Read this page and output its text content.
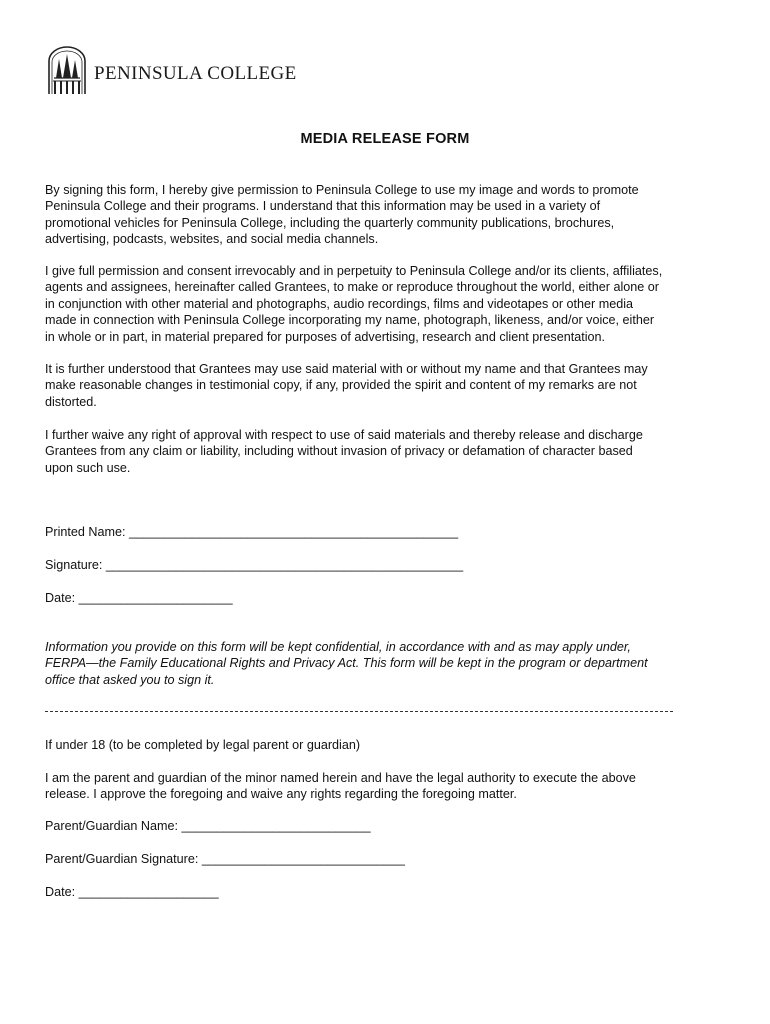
PENINSULA COLLEGE
MEDIA RELEASE FORM
By signing this form, I hereby give permission to Peninsula College to use my image and words to promote
Peninsula College and their programs. I understand that this information may be used in a variety of
promotional vehicles for Peninsula College, including the quarterly community publications, brochures,
advertising, podcasts, websites, and social media channels.
I give full permission and consent irrevocably and in perpetuity to Peninsula College and/or its clients, affiliates,
agents and assignees, hereinafter called Grantees, to make or reproduce throughout the world, either alone or
in conjunction with other material and photographs, audio recordings, films and videotapes or other media
made in connection with Peninsula College incorporating my name, photograph, likeness, and/or voice, either
in whole or in part, in material prepared for purposes of advertising, research and client presentation.
It is further understood that Grantees may use said material with or without my name and that Grantees may
make reasonable changes in testimonial copy, if any, provided the spirit and content of my remarks are not
distorted.
I further waive any right of approval with respect to use of said materials and thereby release and discharge
Grantees from any claim or liability, including without invasion of privacy or defamation of character based
upon such use.
Printed Name: _______________________________________________
Signature: ___________________________________________________
Date: ______________________
Information you provide on this form will be kept confidential, in accordance with and as may apply under,
FERPA—the Family Educational Rights and Privacy Act. This form will be kept in the program or department
office that asked you to sign it.
If under 18 (to be completed by legal parent or guardian)
I am the parent and guardian of the minor named herein and have the legal authority to execute the above
release. I approve the foregoing and waive any rights regarding the foregoing matter.
Parent/Guardian Name: ___________________________
Parent/Guardian Signature: _____________________________
Date: ____________________
